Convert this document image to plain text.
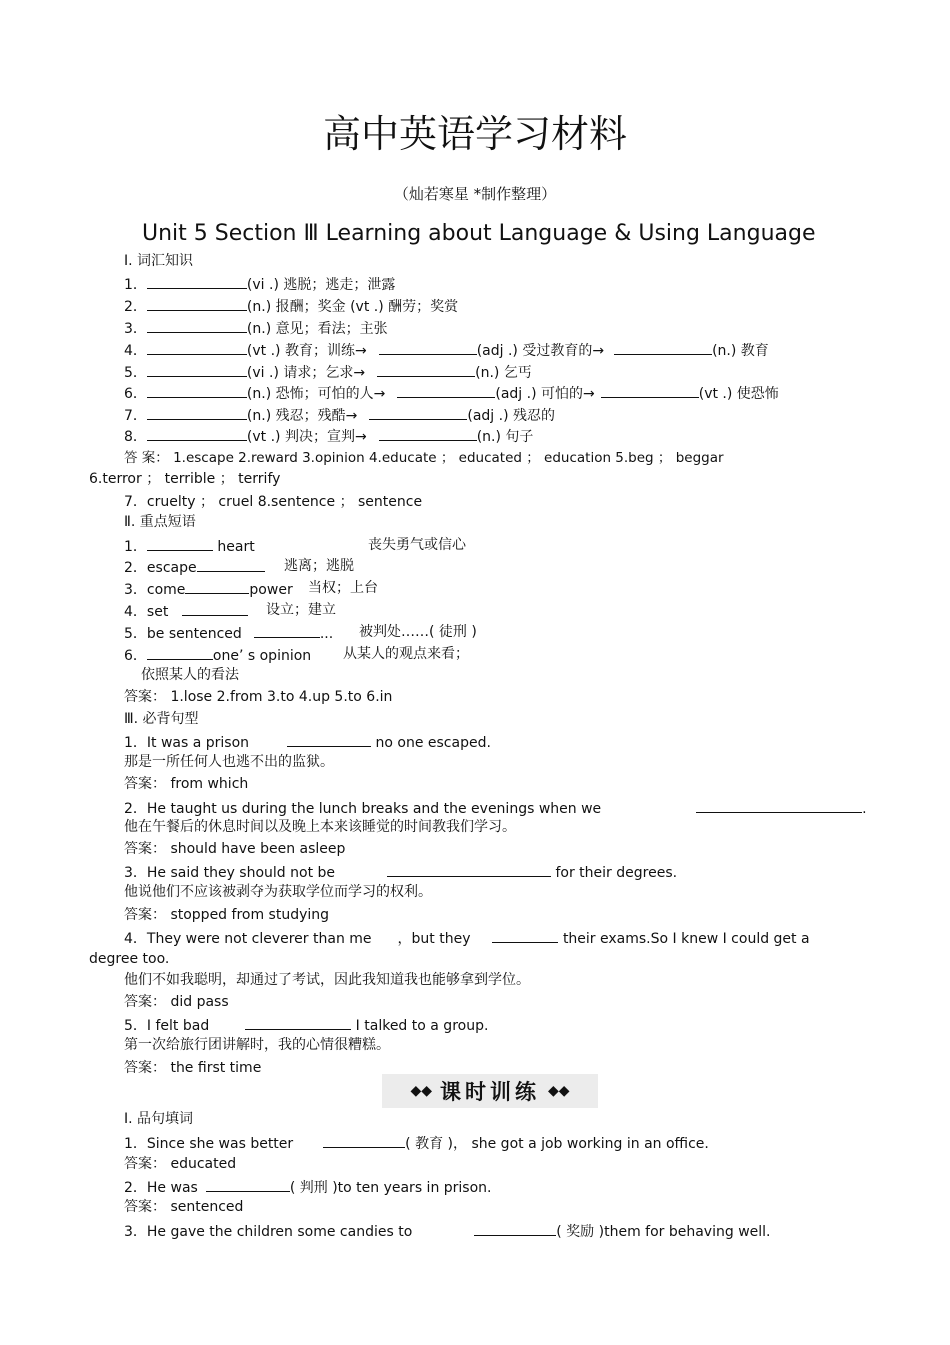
高中英语学习材料
（灿若寒星 *制作整理）
Unit 5 Section Ⅲ Learning about Language & Using Language
Ⅰ. 词汇知识
1．	(vi .) 逃脱；逃走；泄露
2．	(n.) 报酬；奖金 (vt .) 酬劳；奖赏
3．	(n.) 意见；看法；主张
4．	(vt .) 教育；训练→	(adj .) 受过教育的→	(n.) 教育
5．	(vi .) 请求；乞求→	(n.) 乞丐
6．	(n.) 恐怖；可怕的人→	(adj .) 可怕的→	(vt .) 使恐怖
7．	(n.) 残忍；残酷→	(adj .) 残忍的
8．	(vt .) 判决；宣判→	(n.) 句子
答 案： 1.escape 2.reward 3.opinion 4.educate ； educated ； education 5.beg ； beggar
6.terror ； terrible ； terrify
7．cruelty ； cruel 8.sentence ； sentence
Ⅱ. 重点短语
1．	heart	丧失勇气或信心
2．escape	逃离；逃脱
3．come	power 当权；上台
4．set	设立；建立
5．be sentenced	... 被判处……( 徒刑 )
6．	one’ s opinion 从某人的观点来看；
依照某人的看法
答案： 1.lose 2.from 3.to 4.up 5.to 6.in
Ⅲ. 必背句型
1．It was a prison	no one escaped.
那是一所任何人也逃不出的监狱。
答案： from which
2．He taught us during the lunch breaks and the evenings when we	.
他在午餐后的休息时间以及晚上本来该睡觉的时间教我们学习。
答案： should have been asleep
3．He said they should not be	for their degrees.
他说他们不应该被剥夺为获取学位而学习的权利。
答案： stopped from studying
4．They were not cleverer than me ，but they	their exams.So I knew I could get a
degree too.
他们不如我聪明，却通过了考试，因此我知道我也能够拿到学位。
答案： did pass
5．I felt bad	I talked to a group.
第一次给旅行团讲解时，我的心情很糟糕。
答案： the first time
◆◆ 课时训练 ◆◆
Ⅰ. 品句填词
1．Since she was better	( 教育 )， she got a job working in an office.
答案： educated
2．He was	( 判刑 )to ten years in prison.
答案： sentenced
3．He gave the children some candies to	( 奖励 )them for behaving well.
